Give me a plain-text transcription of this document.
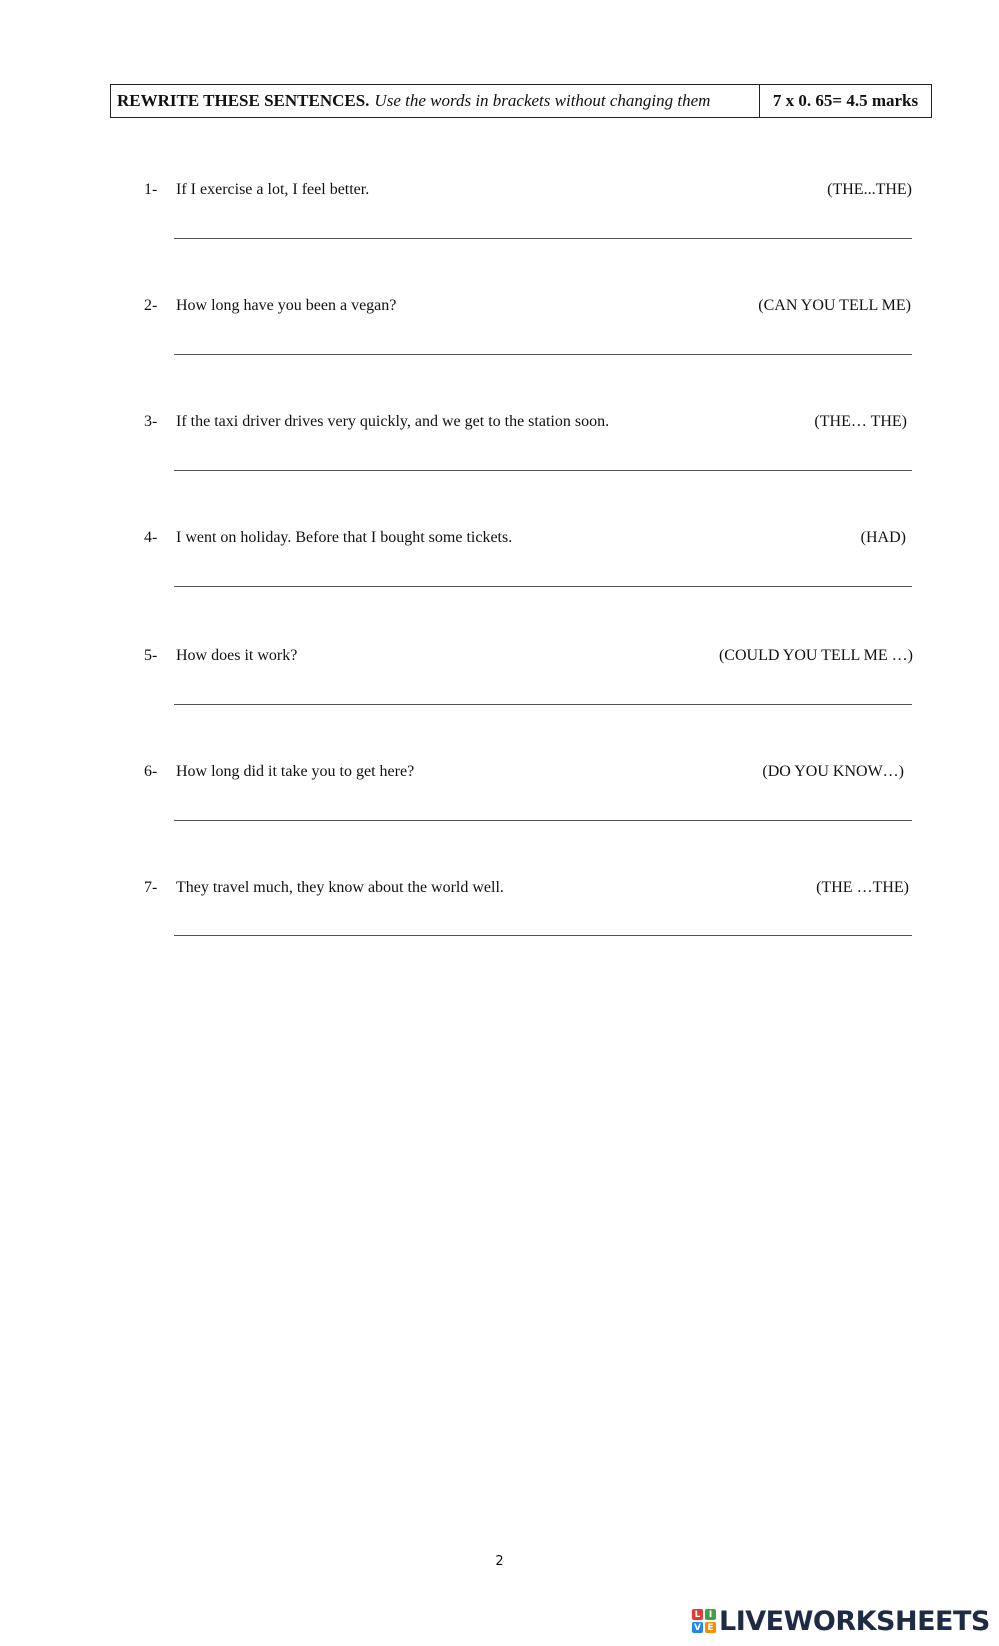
REWRITE THESE SENTENCES. Use the words in brackets without changing them	7 x 0. 65= 4.5 marks
1- If I exercise a lot, I feel better.	(THE...THE)
2- How long have you been a vegan?	(CAN YOU TELL ME)
3- If the taxi driver drives very quickly, and we get to the station soon.	(THE… THE)
4- I went on holiday. Before that I bought some tickets.	(HAD)
5- How does it work?	(COULD YOU TELL ME …)
6- How long did it take you to get here?	(DO YOU KNOW…)
7- They travel much, they know about the world well.	(THE …THE)
2
L I
V E LIVEWORKSHEETS
